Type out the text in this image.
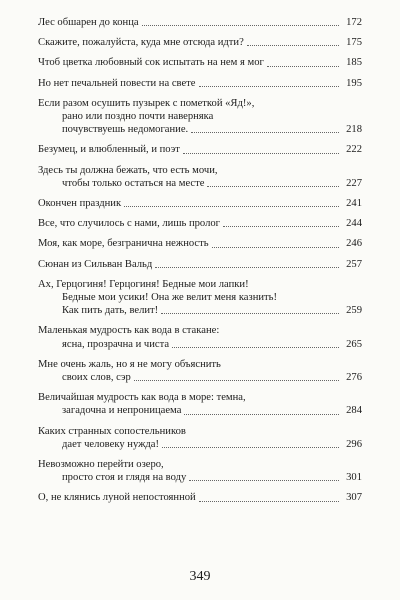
Лес обшарен до конца	172
Скажите, пожалуйста, куда мне отсюда идти?	175
Чтоб цветка любовный сок испытать на нем я мог	185
Но нет печальней повести на свете	195
Если разом осушить пузырек с пометкой «Яд!»,
рано или поздно почти наверняка
почувствуешь недомогание.	218
Безумец, и влюбленный, и поэт	222
Здесь ты должна бежать, что есть мочи,
чтобы только остаться на месте	227
Окончен праздник	241
Все, что случилось с нами, лишь пролог	244
Моя, как море, безгранична нежность	246
Сюнан из Сильван Вальд	257
Ах, Герцогиня! Герцогиня! Бедные мои лапки!
Бедные мои усики! Она же велит меня казнить!
Как пить дать, велит!	259
Маленькая мудрость как вода в стакане:
ясна, прозрачна и чиста	265
Мне очень жаль, но я не могу объяснить
своих слов, сэр	276
Величайшая мудрость как вода в море: темна,
загадочна и непроницаема	284
Каких странных сопостельников
дает человеку нужда!	296
Невозможно перейти озеро,
просто стоя и глядя на воду	301
О, не клянись луной непостоянной	307
349
